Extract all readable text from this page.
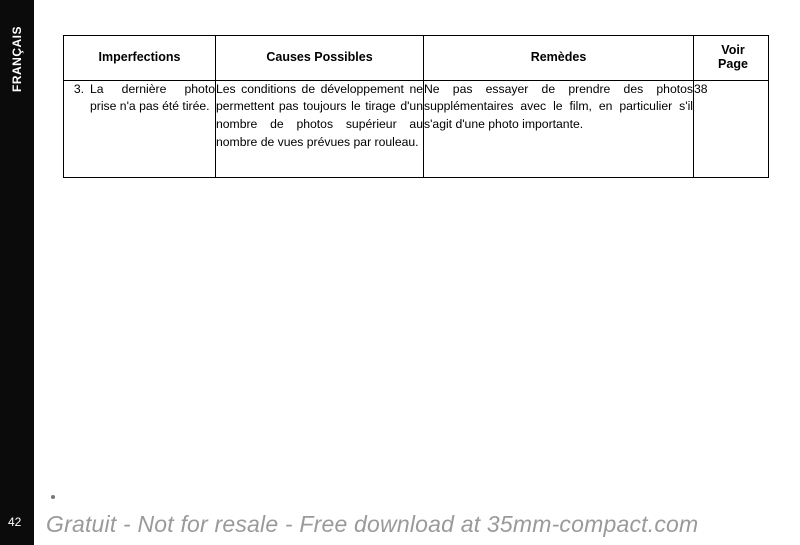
FRANÇAIS
42
Imperfections	Causes Possibles	Remèdes	Voir
Page

3. La dernière photo prise n'a pas été tirée.	Les conditions de développement ne permettent pas toujours le tirage d'un nombre de photos supérieur au nombre de vues prévues par rouleau.	Ne pas essayer de prendre des photos supplémentaires avec le film, en particulier s'il s'agit d'une photo importante.	38
Gratuit - Not for resale - Free download at 35mm-compact.com
